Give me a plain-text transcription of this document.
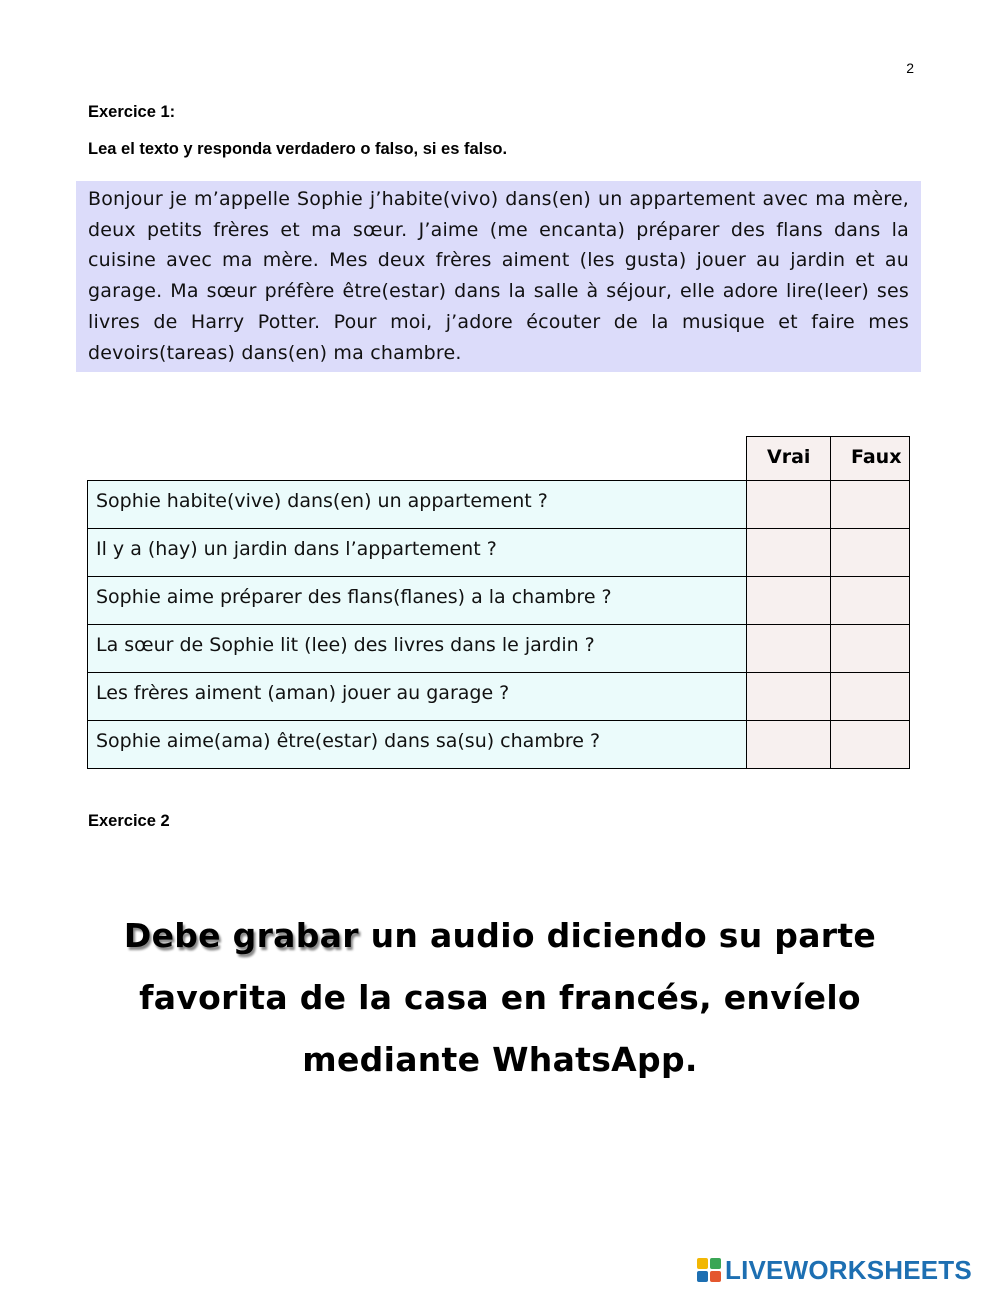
2
Exercice 1:
Lea el texto y responda verdadero o falso, si es falso.
Bonjour je m’appelle Sophie j’habite(vivo) dans(en) un appartement avec ma mère, deux petits frères et ma sœur. J’aime (me encanta) préparer des flans dans la cuisine avec ma mère. Mes deux frères aiment (les gusta) jouer au jardin et au garage. Ma sœur préfère être(estar) dans la salle à séjour, elle adore lire(leer) ses livres de Harry Potter. Pour moi, j’adore écouter de la musique et faire mes devoirs(tareas) dans(en) ma chambre.
	Vrai	Faux
Sophie habite(vive) dans(en) un appartement ?		
Il y a (hay) un jardin dans l’appartement ?		
Sophie aime préparer des flans(flanes) a la chambre ?		
La sœur de Sophie lit (lee) des livres dans le jardin ?		
Les frères aiment (aman) jouer au garage ?		
Sophie aime(ama) être(estar) dans sa(su) chambre ?		
Exercice 2
Debe grabar un audio diciendo su parte favorita de la casa en francés, envíelo mediante WhatsApp.
LIVEWORKSHEETS
